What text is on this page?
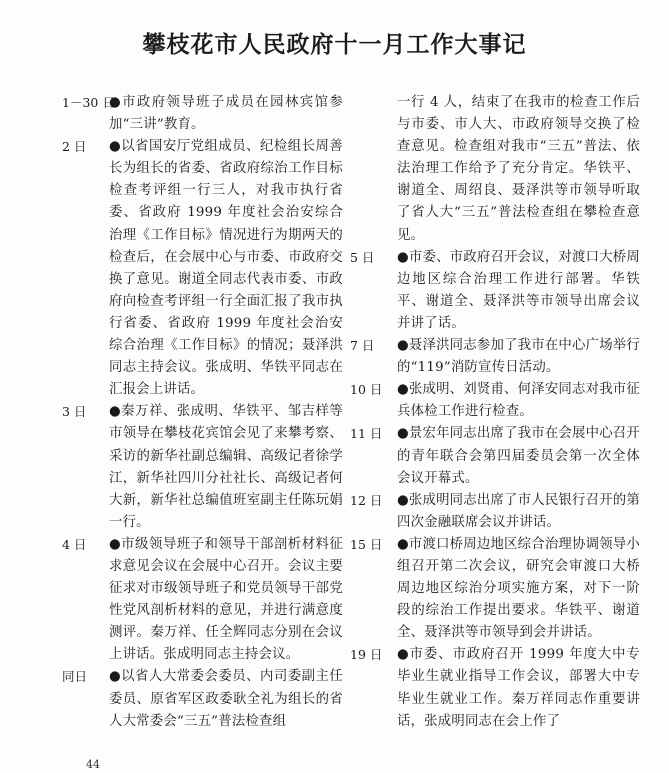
攀枝花市人民政府十一月工作大事记
1－30 日
●市政府领导班子成员在园林宾馆参加“三讲”教育。
2 日	●以省国安厅党组成员、纪检组长周善长为组长的省委、省政府综治工作目标检查考评组一行三人，对我市执行省委、省政府 1999 年度社会治安综合治理《工作目标》情况进行为期两天的检查后，在会展中心与市委、市政府交换了意见。谢道全同志代表市委、市政府向检查考评组一行全面汇报了我市执行省委、省政府 1999 年度社会治安综合治理《工作目标》的情况；聂泽洪同志主持会议。张成明、华铁平同志在汇报会上讲话。
3 日	●秦万祥、张成明、华铁平、邹吉样等市领导在攀枝花宾馆会见了来攀考察、采访的新华社副总编辑、高级记者徐学江，新华社四川分社社长、高级记者何大新，新华社总编值班室副主任陈玩娟一行。
4 日	●市级领导班子和领导干部剖析材料征求意见会议在会展中心召开。会议主要征求对市级领导班子和党员领导干部党性党风剖析材料的意见，并进行满意度测评。秦万祥、任全辉同志分别在会议上讲话。张成明同志主持会议。
同日	●以省人大常委会委员、内司委副主任委员、原省军区政委耿全礼为组长的省人大常委会“三五”普法检查组
一行 4 人，结束了在我市的检查工作后与市委、市人大、市政府领导交换了检查意见。检查组对我市“三五”普法、依法治理工作给予了充分肯定。华铁平、谢道全、周绍良、聂泽洪等市领导听取了省人大“三五”普法检查组在攀检查意见。
5 日	●市委、市政府召开会议，对渡口大桥周边地区综合治理工作进行部署。华铁平、谢道全、聂泽洪等市领导出席会议并讲了话。
7 日	●聂泽洪同志参加了我市在中心广场举行的“119”消防宣传日活动。
10 日	●张成明、刘贤甫、何泽安同志对我市征兵体检工作进行检查。
11 日	●景宏年同志出席了我市在会展中心召开的青年联合会第四届委员会第一次全体会议开幕式。
12 日	●张成明同志出席了市人民银行召开的第四次金融联席会议并讲话。
15 日	●市渡口桥周边地区综合治理协调领导小组召开第二次会议，研究会审渡口大桥周边地区综治分项实施方案，对下一阶段的综治工作提出要求。华铁平、谢道全、聂泽洪等市领导到会并讲话。
19 日	●市委、市政府召开 1999 年度大中专毕业生就业指导工作会议，部署大中专毕业生就业工作。秦万祥同志作重要讲话，张成明同志在会上作了
44
